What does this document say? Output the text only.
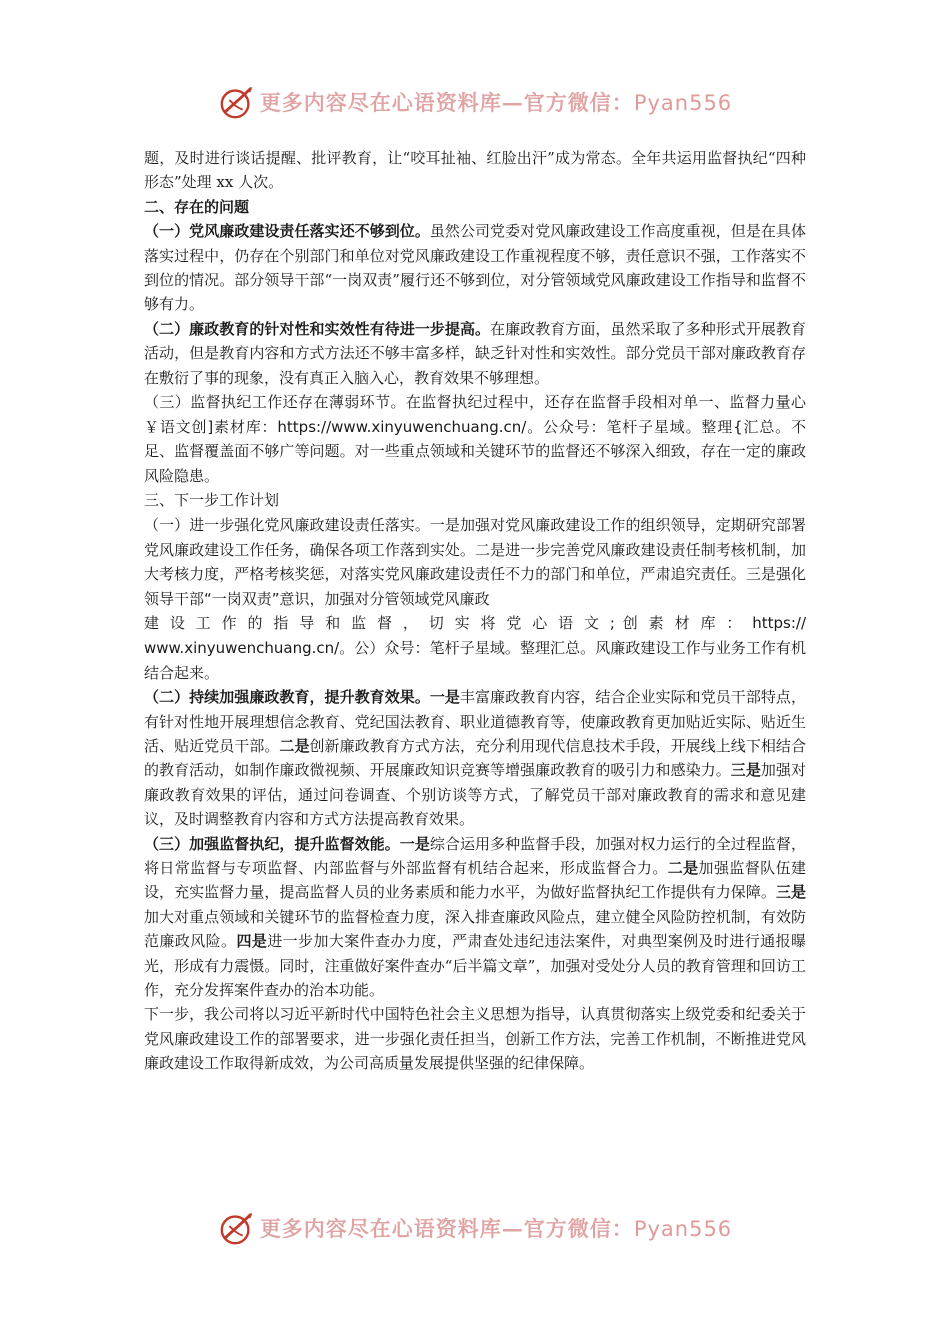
更多内容尽在心语资料库—官方微信：Pyan556

题，及时进行谈话提醒、批评教育，让“咬耳扯袖、红脸出汗”成为常态。全年共运用监督执纪“四种形态”处理 xx 人次。

二、存在的问题

（一）党风廉政建设责任落实还不够到位。虽然公司党委对党风廉政建设工作高度重视，但是在具体落实过程中，仍存在个别部门和单位对党风廉政建设工作重视程度不够，责任意识不强，工作落实不到位的情况。部分领导干部“一岗双责”履行还不够到位，对分管领域党风廉政建设工作指导和监督不够有力。

（二）廉政教育的针对性和实效性有待进一步提高。在廉政教育方面，虽然采取了多种形式开展教育活动，但是教育内容和方式方法还不够丰富多样，缺乏针对性和实效性。部分党员干部对廉政教育存在敷衍了事的现象，没有真正入脑入心，教育效果不够理想。

（三）监督执纪工作还存在薄弱环节。在监督执纪过程中，还存在监督手段相对单一、监督力量心￥语文创]素材库：https://www.xinyuwenchuang.cn/。公众号：笔杆子星域。整理{汇总。不足、监督覆盖面不够广等问题。对一些重点领域和关键环节的监督还不够深入细致，存在一定的廉政风险隐患。

三、下一步工作计划

（一）进一步强化党风廉政建设责任落实。一是加强对党风廉政建设工作的组织领导，定期研究部署党风廉政建设工作任务，确保各项工作落到实处。二是进一步完善党风廉政建设责任制考核机制，加大考核力度，严格考核奖惩，对落实党风廉政建设责任不力的部门和单位，严肃追究责任。三是强化领导干部“一岗双责”意识，加强对分管领域党风廉政

建 设 工 作 的 指 导 和 监 督 ， 切 实 将 党 心 语 文 ; 创 素 材 库 ： https://

www.xinyuwenchuang.cn/。公）众号：笔杆子星域。整理汇总。风廉政建设工作与业务工作有机结合起来。

（二）持续加强廉政教育，提升教育效果。一是丰富廉政教育内容，结合企业实际和党员干部特点，有针对性地开展理想信念教育、党纪国法教育、职业道德教育等，使廉政教育更加贴近实际、贴近生活、贴近党员干部。二是创新廉政教育方式方法，充分利用现代信息技术手段，开展线上线下相结合的教育活动，如制作廉政微视频、开展廉政知识竞赛等增强廉政教育的吸引力和感染力。三是加强对廉政教育效果的评估，通过问卷调查、个别访谈等方式，了解党员干部对廉政教育的需求和意见建议，及时调整教育内容和方式方法提高教育效果。

（三）加强监督执纪，提升监督效能。一是综合运用多种监督手段，加强对权力运行的全过程监督，将日常监督与专项监督、内部监督与外部监督有机结合起来，形成监督合力。二是加强监督队伍建设，充实监督力量，提高监督人员的业务素质和能力水平，为做好监督执纪工作提供有力保障。三是加大对重点领域和关键环节的监督检查力度，深入排查廉政风险点，建立健全风险防控机制，有效防范廉政风险。四是进一步加大案件查办力度，严肃查处违纪违法案件，对典型案例及时进行通报曝光，形成有力震慑。同时，注重做好案件查办“后半篇文章”，加强对受处分人员的教育管理和回访工作，充分发挥案件查办的治本功能。

下一步，我公司将以习近平新时代中国特色社会主义思想为指导，认真贯彻落实上级党委和纪委关于党风廉政建设工作的部署要求，进一步强化责任担当，创新工作方法，完善工作机制，不断推进党风廉政建设工作取得新成效，为公司高质量发展提供坚强的纪律保障。

更多内容尽在心语资料库—官方微信：Pyan556
